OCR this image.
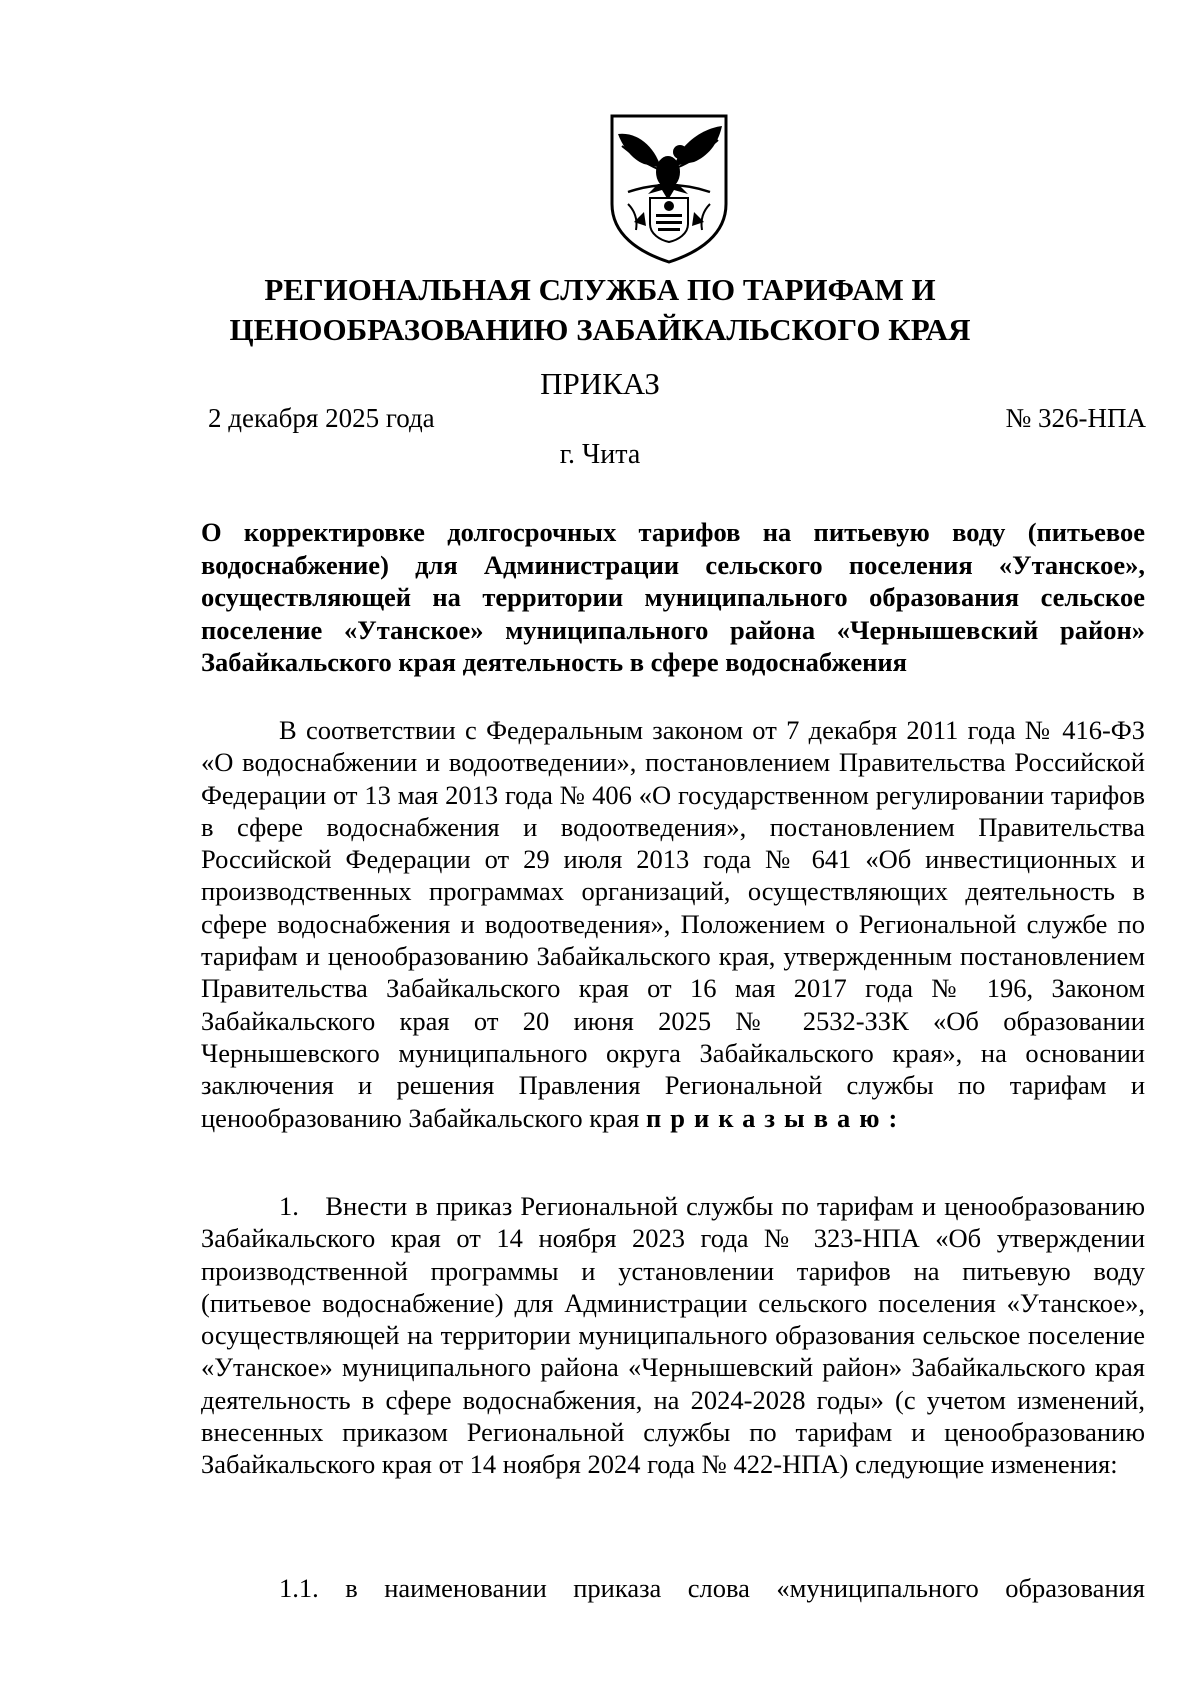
РЕГИОНАЛЬНАЯ СЛУЖБА ПО ТАРИФАМ И
ЦЕНООБРАЗОВАНИЮ ЗАБАЙКАЛЬСКОГО КРАЯ
ПРИКАЗ
2 декабря 2025 года	№ 326-НПА
г. Чита
О корректировке долгосрочных тарифов на питьевую воду (питьевое водоснабжение) для Администрации сельского поселения «Утанское», осуществляющей на территории муниципального образования сельское поселение «Утанское» муниципального района «Чернышевский район» Забайкальского края деятельность в сфере водоснабжения

В соответствии с Федеральным законом от 7 декабря 2011 года № 416-ФЗ «О водоснабжении и водоотведении», постановлением Правительства Российской Федерации от 13 мая 2013 года № 406 «О государственном регулировании тарифов в сфере водоснабжения и водоотведения», постановлением Правительства Российской Федерации от 29 июля 2013 года № 641 «Об инвестиционных и производственных программах организаций, осуществляющих деятельность в сфере водоснабжения и водоотведения», Положением о Региональной службе по тарифам и ценообразованию Забайкальского края, утвержденным постановлением Правительства Забайкальского края от 16 мая 2017 года № 196, Законом Забайкальского края от 20 июня 2025 № 2532-ЗЗК «Об образовании Чернышевского муниципального округа Забайкальского края», на основании заключения и решения Правления Региональной службы по тарифам и ценообразованию Забайкальского края приказываю:

1. Внести в приказ Региональной службы по тарифам и ценообразованию Забайкальского края от 14 ноября 2023 года № 323-НПА «Об утверждении производственной программы и установлении тарифов на питьевую воду (питьевое водоснабжение) для Администрации сельского поселения «Утанское», осуществляющей на территории муниципального образования сельское поселение «Утанское» муниципального района «Чернышевский район» Забайкальского края деятельность в сфере водоснабжения, на 2024-2028 годы» (с учетом изменений, внесенных приказом Региональной службы по тарифам и ценообразованию Забайкальского края от 14 ноября 2024 года № 422-НПА) следующие изменения:

1.1. в наименовании приказа слова «муниципального образования
